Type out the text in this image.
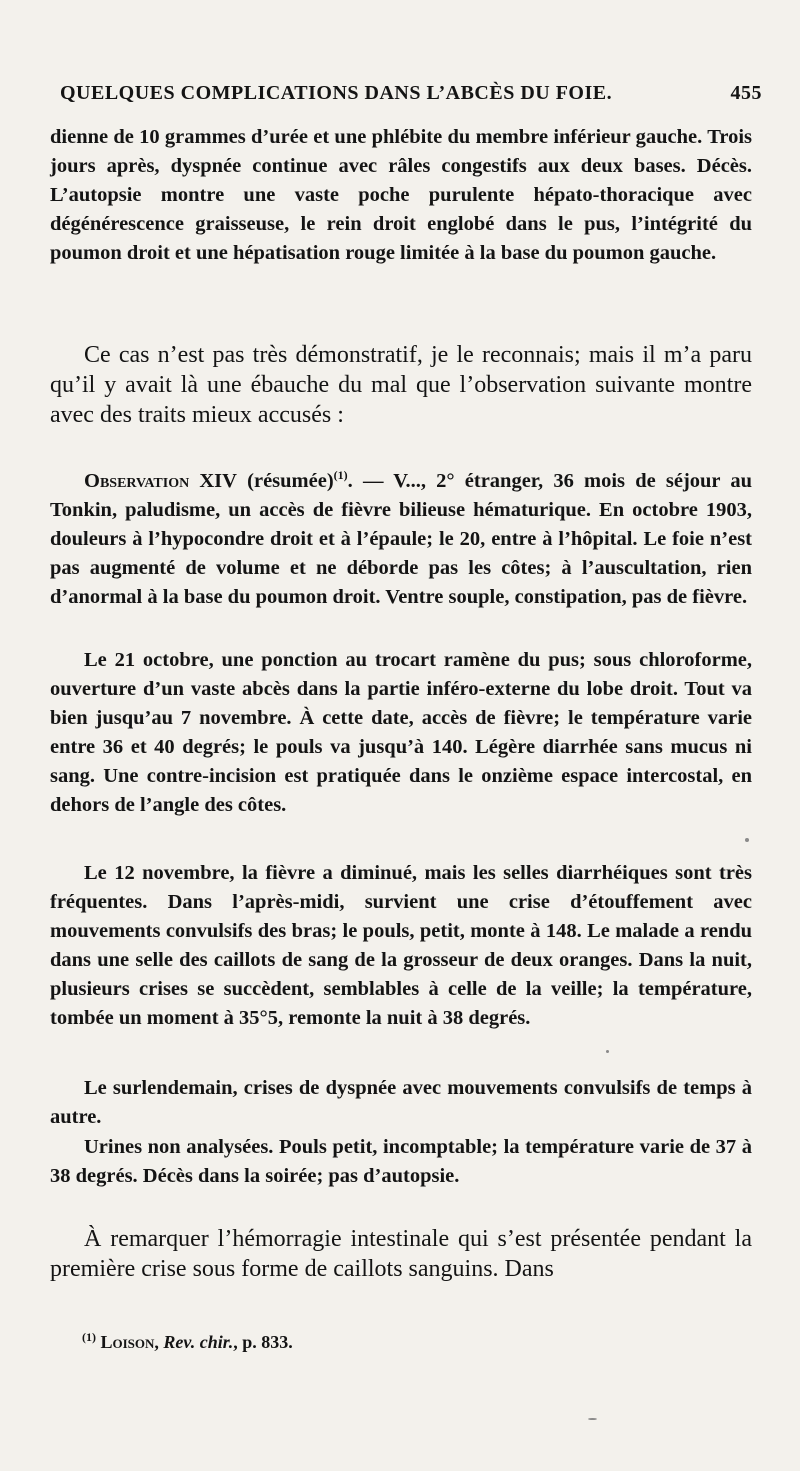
QUELQUES COMPLICATIONS DANS L’ABCÈS DU FOIE.	455

dienne de 10 grammes d’urée et une phlébite du membre inférieur gauche. Trois jours après, dyspnée continue avec râles congestifs aux deux bases. Décès. L’autopsie montre une vaste poche purulente hépato-thoracique avec dégénérescence graisseuse, le rein droit englobé dans le pus, l’intégrité du poumon droit et une hépatisation rouge limitée à la base du poumon gauche.

Ce cas n’est pas très démonstratif, je le reconnais; mais il m’a paru qu’il y avait là une ébauche du mal que l’observation suivante montre avec des traits mieux accusés :

Observation XIV (résumée)$^{(1)}$. — V..., 2° étranger, 36 mois de séjour au Tonkin, paludisme, un accès de fièvre bilieuse hématurique. En octobre 1903, douleurs à l’hypocondre droit et à l’épaule; le 20, entre à l’hôpital. Le foie n’est pas augmenté de volume et ne déborde pas les côtes; à l’auscultation, rien d’anormal à la base du poumon droit. Ventre souple, constipation, pas de fièvre.

Le 21 octobre, une ponction au trocart ramène du pus; sous chloroforme, ouverture d’un vaste abcès dans la partie inféro-externe du lobe droit. Tout va bien jusqu’au 7 novembre. À cette date, accès de fièvre; le température varie entre 36 et 40 degrés; le pouls va jusqu’à 140. Légère diarrhée sans mucus ni sang. Une contre-incision est pratiquée dans le onzième espace intercostal, en dehors de l’angle des côtes.

Le 12 novembre, la fièvre a diminué, mais les selles diarrhéiques sont très fréquentes. Dans l’après-midi, survient une crise d’étouffement avec mouvements convulsifs des bras; le pouls, petit, monte à 148. Le malade a rendu dans une selle des caillots de sang de la grosseur de deux oranges. Dans la nuit, plusieurs crises se succèdent, semblables à celle de la veille; la température, tombée un moment à 35°5, remonte la nuit à 38 degrés.

Le surlendemain, crises de dyspnée avec mouvements convulsifs de temps à autre.

Urines non analysées. Pouls petit, incomptable; la température varie de 37 à 38 degrés. Décès dans la soirée; pas d’autopsie.

À remarquer l’hémorragie intestinale qui s’est présentée pendant la première crise sous forme de caillots sanguins. Dans

$^{(1)}$ Loison, Rev. chir., p. 833.
